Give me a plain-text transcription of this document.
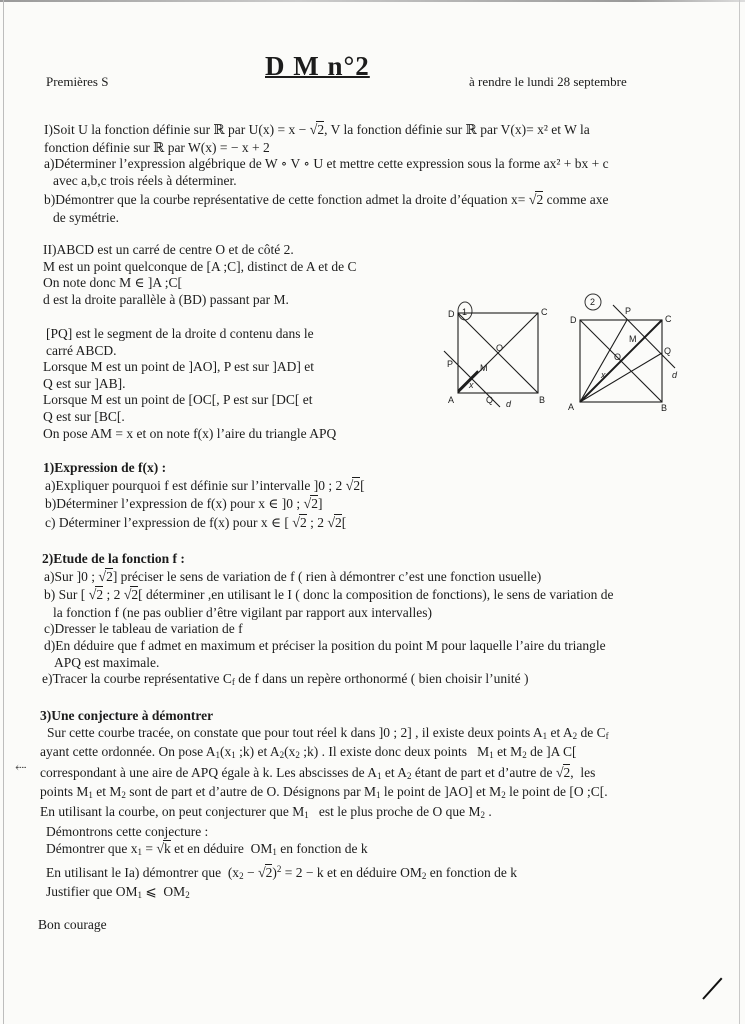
Premières S
D M n°2
à rendre le lundi 28 septembre
I)Soit U la fonction définie sur ℝ par U(x) = x − √2, V la fonction définie sur ℝ par V(x)= x² et W la
fonction définie sur ℝ par W(x) = − x + 2
a)Déterminer l’expression algébrique de W ∘ V ∘ U et mettre cette expression sous la forme ax² + bx + c
avec a,b,c trois réels à déterminer.
b)Démontrer que la courbe représentative de cette fonction admet la droite d’équation x= √2 comme axe
de symétrie.
II)ABCD est un carré de centre O et de côté 2.
M est un point quelconque de [A ;C], distinct de A et de C
On note donc M ∈ ]A ;C[
d est la droite parallèle à (BD) passant par M.
[PQ] est le segment de la droite d contenu dans le
carré ABCD.
Lorsque M est un point de ]AO], P est sur ]AD] et
Q est sur ]AB].
Lorsque M est un point de [OC[, P est sur [DC[ et
Q est sur [BC[.
On pose AM = x et on note f(x) l’aire du triangle APQ
1
D	C
A	B
O
M
P
Q
x
d
2
D	C
A	B
O
M
P
Q
x	d
1)Expression de f(x) :
a)Expliquer pourquoi f est définie sur l’intervalle ]0 ; 2 √2[
b)Déterminer l’expression de f(x) pour x ∈ ]0 ; √2]
c) Déterminer l’expression de f(x) pour x ∈ [ √2 ; 2 √2[
2)Etude de la fonction f :
a)Sur ]0 ; √2] préciser le sens de variation de f ( rien à démontrer c’est une fonction usuelle)
b) Sur [ √2 ; 2 √2[ déterminer ,en utilisant le I ( donc la composition de fonctions), le sens de variation de
la fonction f (ne pas oublier d’être vigilant par rapport aux intervalles)
c)Dresser le tableau de variation de f
d)En déduire que f admet en maximum et préciser la position du point M pour laquelle l’aire du triangle
APQ est maximale.
e)Tracer la courbe représentative $C_f$ de f dans un repère orthonormé ( bien choisir l’unité )
3)Une conjecture à démontrer
Sur cette courbe tracée, on constate que pour tout réel k dans ]0 ; 2] , il existe deux points $A_1$ et $A_2$ de $C_f$
ayant cette ordonnée. On pose $A_1(x_1$ ;k) et $A_2(x_2$ ;k) . Il existe donc deux points   $M_1$ et $M_2$ de ]A C[
correspondant à une aire de APQ égale à k. Les abscisses de $A_1$ et $A_2$ étant de part et d’autre de √2,  les
points $M_1$ et $M_2$ sont de part et d’autre de O. Désignons par $M_1$ le point de ]AO] et $M_2$ le point de [O ;C[.
En utilisant la courbe, on peut conjecturer que $M_1$   est le plus proche de O que $M_2$ .
Démontrons cette conjecture :
Démontrer que $x_1 = √k$ et en déduire  $OM_1$ en fonction de k
En utilisant le Ia) démontrer que  $(x_2 - √2)^2 = 2 - k$ et en déduire $OM_2$ en fonction de k
Justifier que $OM_1$ ⩽  $OM_2$
⇠
Bon courage
